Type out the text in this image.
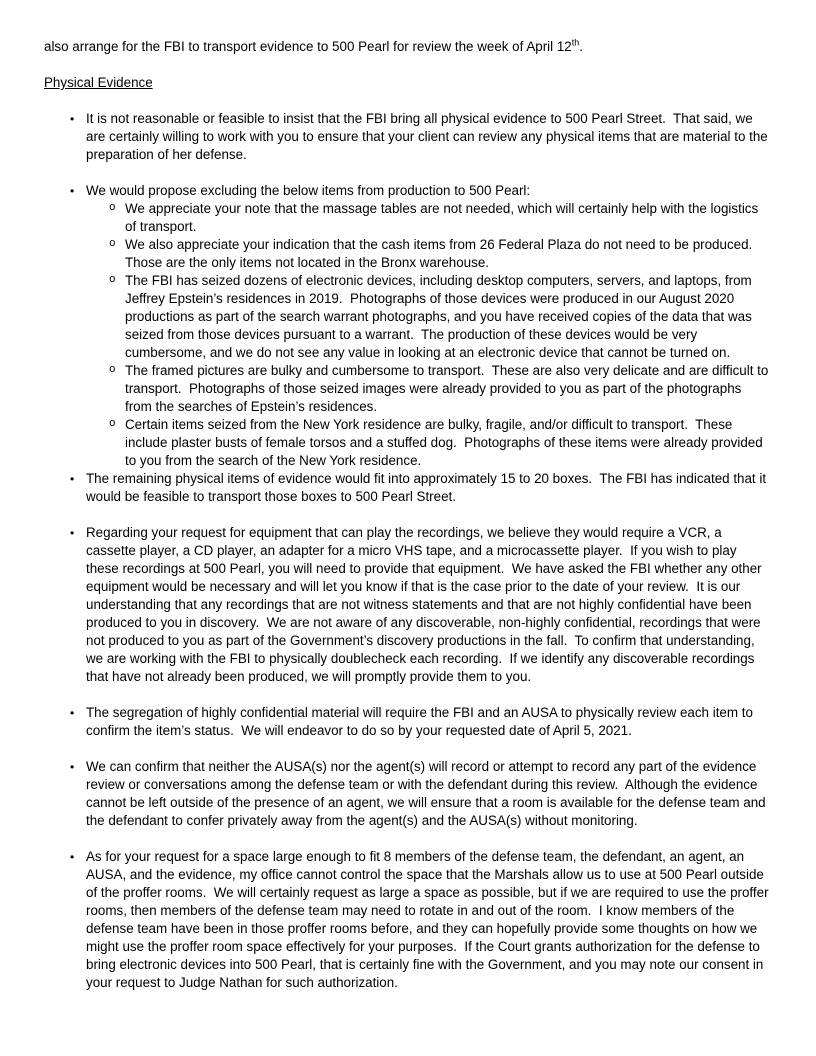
also arrange for the FBI to transport evidence to 500 Pearl for review the week of April 12th.

Physical Evidence
• It is not reasonable or feasible to insist that the FBI bring all physical evidence to 500 Pearl Street.  That said, we are certainly willing to work with you to ensure that your client can review any physical items that are material to the preparation of her defense.
• We would propose excluding the below items from production to 500 Pearl:
o We appreciate your note that the massage tables are not needed, which will certainly help with the logistics of transport.
o We also appreciate your indication that the cash items from 26 Federal Plaza do not need to be produced.  Those are the only items not located in the Bronx warehouse.
o The FBI has seized dozens of electronic devices, including desktop computers, servers, and laptops, from Jeffrey Epstein’s residences in 2019.  Photographs of those devices were produced in our August 2020 productions as part of the search warrant photographs, and you have received copies of the data that was seized from those devices pursuant to a warrant.  The production of these devices would be very cumbersome, and we do not see any value in looking at an electronic device that cannot be turned on.
o The framed pictures are bulky and cumbersome to transport.  These are also very delicate and are difficult to transport.  Photographs of those seized images were already provided to you as part of the photographs from the searches of Epstein’s residences.
o Certain items seized from the New York residence are bulky, fragile, and/or difficult to transport.  These include plaster busts of female torsos and a stuffed dog.  Photographs of these items were already provided to you from the search of the New York residence.
• The remaining physical items of evidence would fit into approximately 15 to 20 boxes.  The FBI has indicated that it would be feasible to transport those boxes to 500 Pearl Street.
• Regarding your request for equipment that can play the recordings, we believe they would require a VCR, a cassette player, a CD player, an adapter for a micro VHS tape, and a microcassette player.  If you wish to play these recordings at 500 Pearl, you will need to provide that equipment.  We have asked the FBI whether any other equipment would be necessary and will let you know if that is the case prior to the date of your review.  It is our understanding that any recordings that are not witness statements and that are not highly confidential have been produced to you in discovery.  We are not aware of any discoverable, non-highly confidential, recordings that were not produced to you as part of the Government’s discovery productions in the fall.  To confirm that understanding, we are working with the FBI to physically doublecheck each recording.  If we identify any discoverable recordings that have not already been produced, we will promptly provide them to you.
• The segregation of highly confidential material will require the FBI and an AUSA to physically review each item to confirm the item’s status.  We will endeavor to do so by your requested date of April 5, 2021.
• We can confirm that neither the AUSA(s) nor the agent(s) will record or attempt to record any part of the evidence review or conversations among the defense team or with the defendant during this review.  Although the evidence cannot be left outside of the presence of an agent, we will ensure that a room is available for the defense team and the defendant to confer privately away from the agent(s) and the AUSA(s) without monitoring.
• As for your request for a space large enough to fit 8 members of the defense team, the defendant, an agent, an AUSA, and the evidence, my office cannot control the space that the Marshals allow us to use at 500 Pearl outside of the proffer rooms.  We will certainly request as large a space as possible, but if we are required to use the proffer rooms, then members of the defense team may need to rotate in and out of the room.  I know members of the defense team have been in those proffer rooms before, and they can hopefully provide some thoughts on how we might use the proffer room space effectively for your purposes.  If the Court grants authorization for the defense to bring electronic devices into 500 Pearl, that is certainly fine with the Government, and you may note our consent in your request to Judge Nathan for such authorization.
